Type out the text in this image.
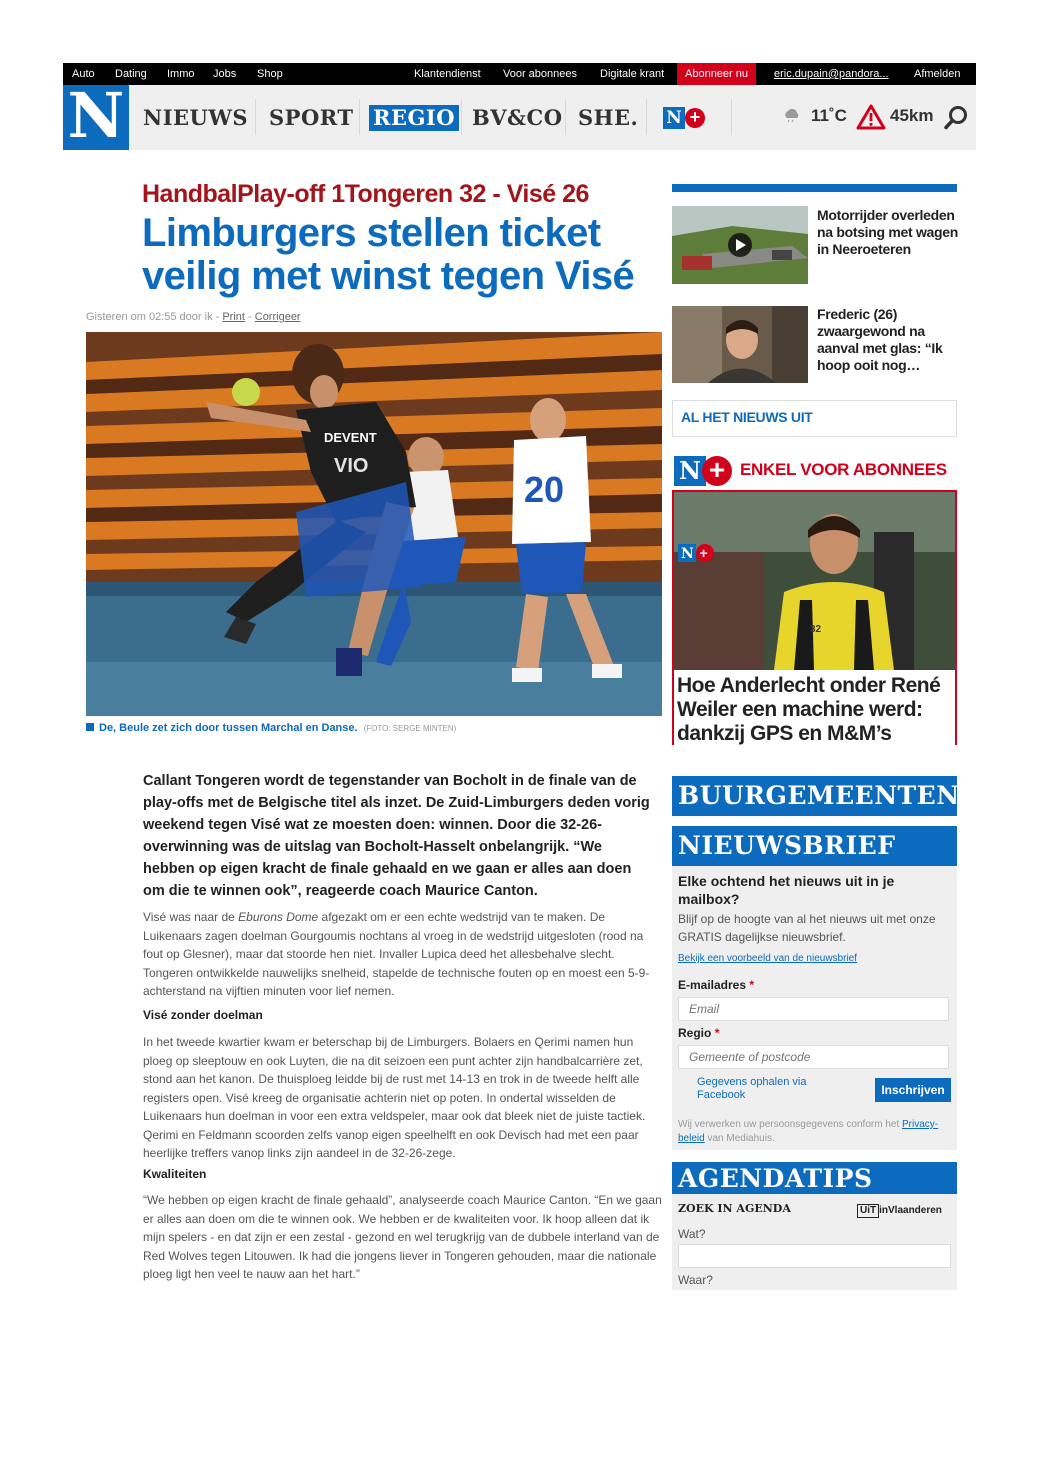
Auto Dating Immo Jobs Shop	Klantendienst Voor abonnees Digitale krant	Abonneer nu	eric.dupain@pandora... Afmelden
N NIEUWS SPORT REGIO BV&CO SHE. N +	11˚C	45km
HandbalPlay-off 1Tongeren 32 - Visé 26
Limburgers stellen ticket veilig met winst tegen Visé
Gisteren om 02:55 door ik - Print - Corrigeer
20
DEVENT
VIO
De, Beule zet zich door tussen Marchal en Danse. (FOTO: SERGE MINTEN)

Callant Tongeren wordt de tegenstander van Bocholt in de finale van de play-offs met de Belgische titel als inzet. De Zuid-Limburgers deden vorig weekend tegen Visé wat ze moesten doen: winnen. Door die 32-26-overwinning was de uitslag van Bocholt-Hasselt onbelangrijk. “We hebben op eigen kracht de finale gehaald en we gaan er alles aan doen om die te winnen ook”, reageerde coach Maurice Canton.

Visé was naar de Eburons Dome afgezakt om er een echte wedstrijd van te maken. De Luikenaars zagen doelman Gourgoumis nochtans al vroeg in de wedstrijd uitgesloten (rood na fout op Glesner), maar dat stoorde hen niet. Invaller Lupica deed het allesbehalve slecht. Tongeren ontwikkelde nauwelijks snelheid, stapelde de technische fouten op en moest een 5-9-achterstand na vijftien minuten voor lief nemen.

Visé zonder doelman

In het tweede kwartier kwam er beterschap bij de Limburgers. Bolaers en Qerimi namen hun ploeg op sleeptouw en ook Luyten, die na dit seizoen een punt achter zijn handbalcarrière zet, stond aan het kanon. De thuisploeg leidde bij de rust met 14-13 en trok in de tweede helft alle registers open. Visé kreeg de organisatie achterin niet op poten. In ondertal wisselden de Luikenaars hun doelman in voor een extra veldspeler, maar ook dat bleek niet de juiste tactiek. Qerimi en Feldmann scoorden zelfs vanop eigen speelhelft en ook Devisch had met een paar heerlijke treffers vanop links zijn aandeel in de 32-26-zege.

Kwaliteiten

“We hebben op eigen kracht de finale gehaald”, analyseerde coach Maurice Canton. “En we gaan er alles aan doen om die te winnen ook. We hebben er de kwaliteiten voor. Ik hoop alleen dat ik mijn spelers - en dat zijn er een zestal - gezond en wel terugkrijg van de dubbele interland van de Red Wolves tegen Litouwen. Ik had die jongens liever in Tongeren gehouden, maar die nationale ploeg ligt hen veel te nauw aan het hart.”

Motorrijder overleden na botsing met wagen in Neeroeteren
Frederic (26) zwaargewond na aanval met glas: “Ik hoop ooit nog…
AL HET NIEUWS UIT
N + ENKEL VOOR ABONNEES
32
N +
Hoe Anderlecht onder René Weiler een machine werd: dankzij GPS en M&M’s
BUURGEMEENTEN
NIEUWSBRIEF

Elke ochtend het nieuws uit in je mailbox?

Blijf op de hoogte van al het nieuws uit met onze GRATIS dagelijkse nieuwsbrief.

Bekijk een voorbeeld van de nieuwsbrief
E-mailadres *
Email
Regio *
Gemeente of postcode

Gegevens ophalen via Facebook	Inschrijven

Wij verwerken uw persoonsgegevens conform het Privacy-beleid van Mediahuis.

AGENDATIPS
ZOEK IN AGENDA	UiT inVlaanderen
Wat?
Waar?
